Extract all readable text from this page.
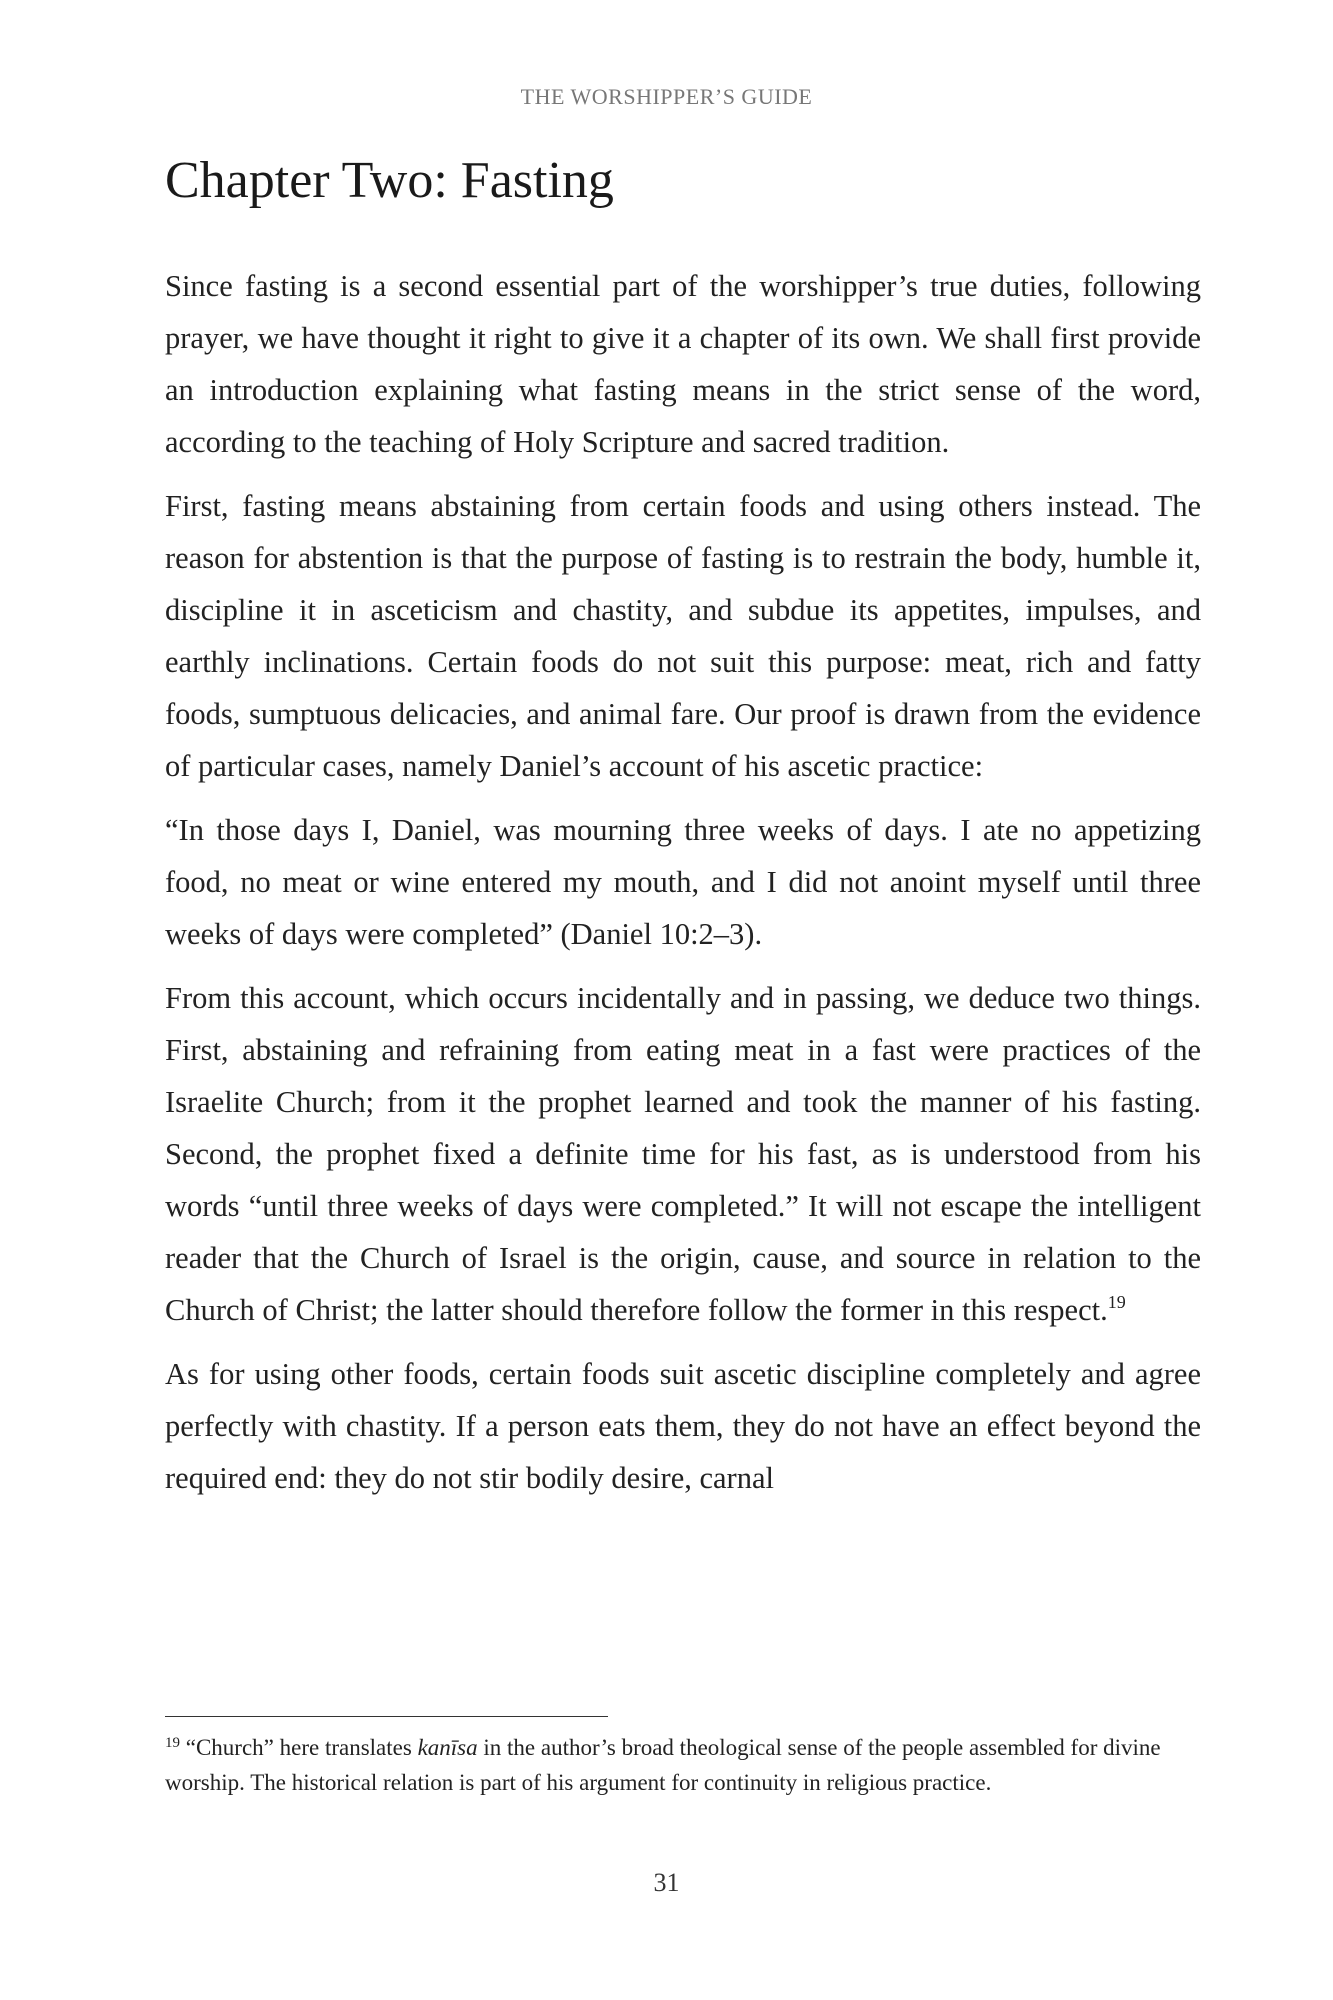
THE WORSHIPPER’S GUIDE
Chapter Two: Fasting

Since fasting is a second essential part of the worshipper’s true duties, following prayer, we have thought it right to give it a chapter of its own. We shall first provide an introduction explaining what fasting means in the strict sense of the word, according to the teaching of Holy Scripture and sacred tradition.

First, fasting means abstaining from certain foods and using others instead. The reason for abstention is that the purpose of fasting is to restrain the body, humble it, discipline it in asceticism and chastity, and subdue its appetites, impulses, and earthly inclinations. Certain foods do not suit this purpose: meat, rich and fatty foods, sumptuous delicacies, and animal fare. Our proof is drawn from the evidence of particular cases, namely Daniel’s account of his ascetic practice:

“In those days I, Daniel, was mourning three weeks of days. I ate no appetizing food, no meat or wine entered my mouth, and I did not anoint myself until three weeks of days were completed” (Daniel 10:2–3).

From this account, which occurs incidentally and in passing, we deduce two things. First, abstaining and refraining from eating meat in a fast were practices of the Israelite Church; from it the prophet learned and took the manner of his fasting. Second, the prophet fixed a definite time for his fast, as is understood from his words “until three weeks of days were completed.” It will not escape the intelligent reader that the Church of Israel is the origin, cause, and source in relation to the Church of Christ; the latter should therefore follow the former in this respect.$^{19}$

As for using other foods, certain foods suit ascetic discipline completely and agree perfectly with chastity. If a person eats them, they do not have an effect beyond the required end: they do not stir bodily desire, carnal

$^{19}$ “Church” here translates kanīsa in the author’s broad theological sense of the people assembled for divine worship. The historical relation is part of his argument for continuity in religious practice.

31
